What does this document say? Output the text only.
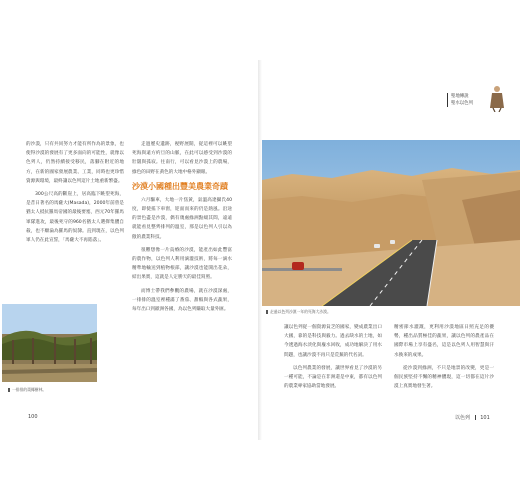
的沙漠，只有共同努力才能有所作為的景象，也使得沙漠的發展有了更多面向的可能性，就像以色列人，仍然持續接受移民，落腳在附近的地方，在新的國家發展農業、工業，同時也更珍惜資源與環境，最終讓以色列這片土地重新繁盛。

300公尺高的斷崖上，居高臨下眺望死海，是昔日著名的馬薩大(Masada)，2000年前曾是猶太人抵抗羅馬帝國的最後要塞，西元70年羅馬軍隊進攻，最後死守的960名猶太人選擇集體自殺，也不願淪為羅馬的奴隸。直到現在，以色列軍人仍在此宣誓，「馬薩大不再陷落」。

走過歷史遺跡，視野展開，從這裡可以眺望死海與遠方約旦的山脈，在此可以感受到沙漠的壯闊與孤寂。往南行，可以看見沙漠上的農場，綠色的田野在黃色的大地中格外顯眼。

沙漠小國種出豐美農業奇蹟

六月驅車，大地一片焦黃，氣溫高達攝氏40度，即使搖下車窗，迎面而來的仍是熱風。沿途的景色盡是沙漠，偶有幾處綠洲點綴其間，遠遠就能看見整齊排列的溫室，那是以色列人引以為傲的農業科技。

很難想像一片貧瘠的沙漠，能產出如此豐富的農作物，以色列人利用滴灌技術，將每一滴水精準地輸送到植物根部，讓沙漠也能開出花朵，結出果實，這就是人定勝天的最佳寫照。

而博士帶我們參觀的農場，就在沙漠深處，一排排的溫室裡種滿了番茄、甜椒與各式蔬果，每年出口到歐洲各國，為以色列賺取大量外匯。

一排排的棗椰樹林。
100
聖地傳說
聖水以色列
走過以色列沙漠一年的死海大沙漠。

讓以色列從一個資源貧乏的國家，變成農業出口大國，靠的是科技與毅力。過去缺水的土地，如今透過海水淡化與廢水回收，成功地解決了用水問題，也讓沙漠不再只是荒蕪的代名詞。

以色列農業的發展，讓世界看見了沙漠的另一種可能，不論是在非洲還是中東，都有以色列的農業專家協助當地發展。

精密節水灌溉，更利用沙漠地區日照充足的優勢，種出品質極佳的蔬果，讓以色列的農產品在國際市場上享有盛名，這是以色列人用智慧與汗水換來的成果。

從沙漠到綠洲，不只是地景的改變，更是一個民族堅持不懈的精神體現，這一切都在這片沙漠上真實地發生著。

以色列 101
